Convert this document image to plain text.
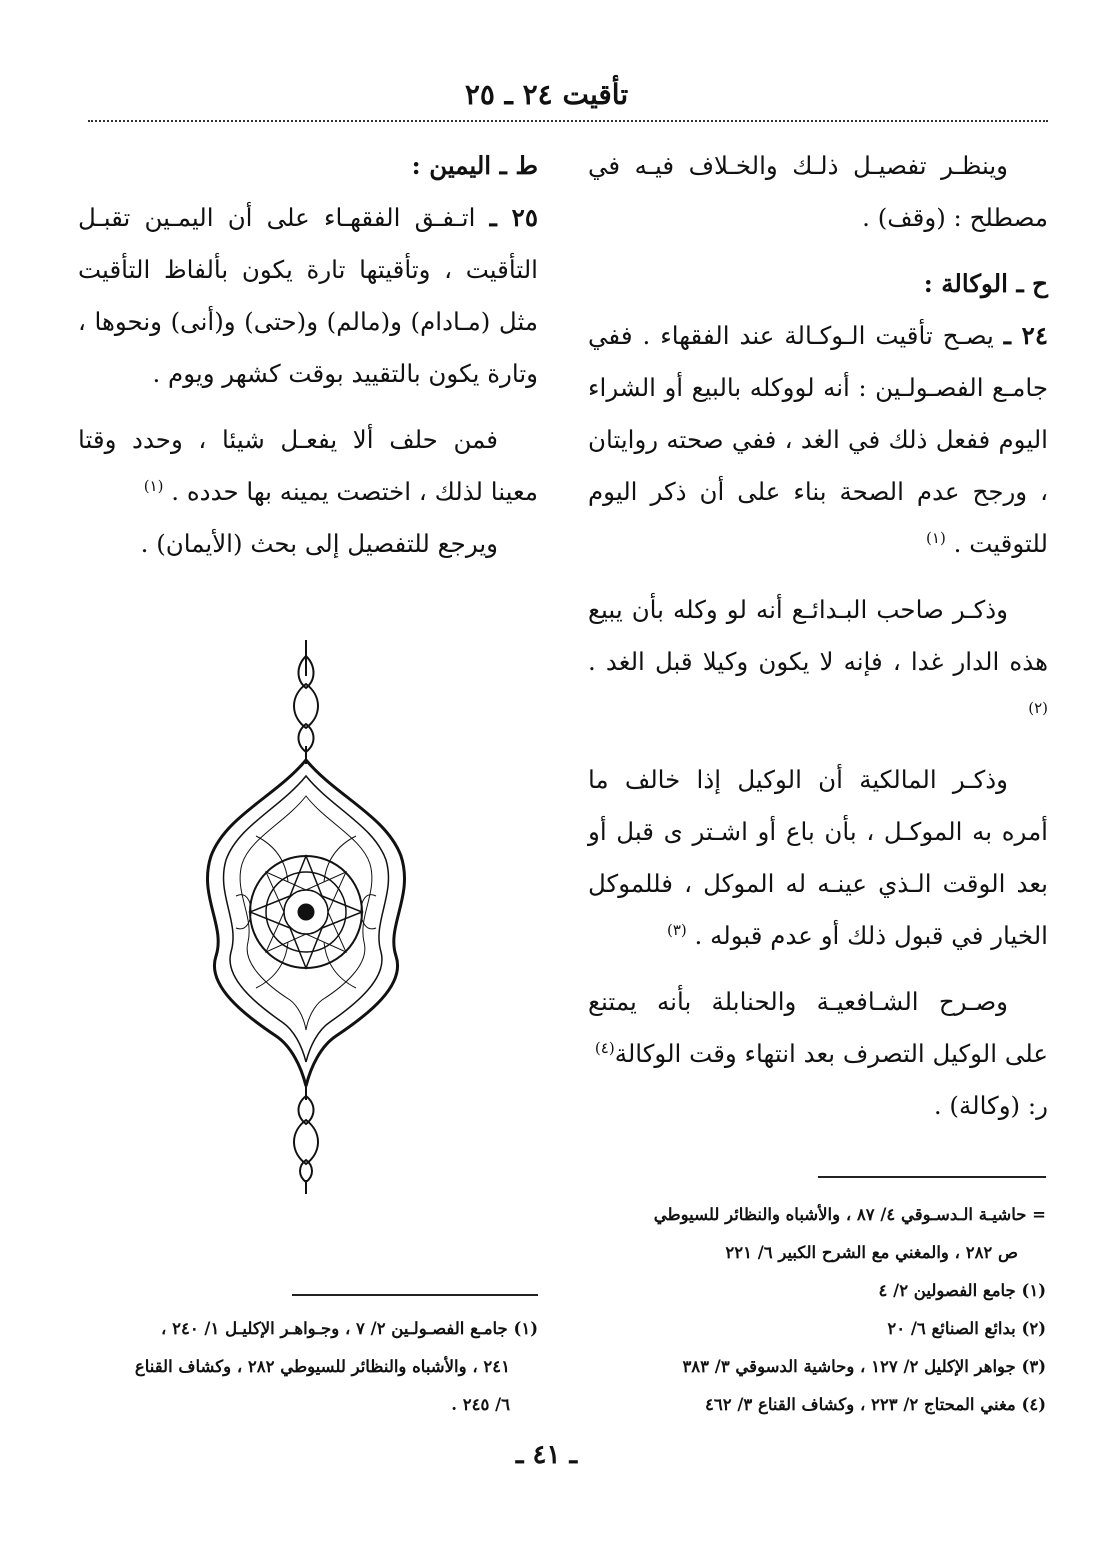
تأقيت ٢٤ ـ ٢٥

وينظـر تفصيـل ذلـك والخـلاف فيـه في مصطلح : (وقف) .

ح ـ الوكالة :

٢٤ ـ يصـح تأقيت الـوكـالة عند الفقهاء . ففي جامـع الفصـولـين : أنه لووكله بالبيع أو الشراء اليوم ففعل ذلك في الغد ، ففي صحته روايتان ، ورجح عدم الصحة بناء على أن ذكر اليوم للتوقيت . $^{(١)}$

وذكـر صاحب البـدائـع أنه لو وكله بأن يبيع هذه الدار غدا ، فإنه لا يكون وكيلا قبل الغد . $^{(٢)}$

وذكـر المالكية أن الوكيل إذا خالف ما أمره به الموكـل ، بأن باع أو اشـتر ى قبل أو بعد الوقت الـذي عينـه له الموكل ، فللموكل الخيار في قبول ذلك أو عدم قبوله . $^{(٣)}$

وصـرح الشـافعيـة والحنابلة بأنه يمتنع على الوكيل التصرف بعد انتهاء وقت الوكالة$^{(٤)}$

ر: (وكالة) .

ط ـ اليمين :

٢٥ ـ اتـفـق الفقهـاء على أن اليمـين تقبـل التأقيت ، وتأقيتها تارة يكون بألفاظ التأقيت مثل (مـادام) و(مالم) و(حتى) و(أنى) ونحوها ، وتارة يكون بالتقييد بوقت كشهر ويوم .

فمن حلف ألا يفعـل شيئا ، وحدد وقتا معينا لذلك ، اختصت يمينه بها حدده . $^{(١)}$

ويرجع للتفصيل إلى بحث (الأيمان) .

= حاشيـة الـدسـوقي ٤/ ٨٧ ، والأشباه والنظائر للسيوطي

ص ٢٨٢ ، والمغني مع الشرح الكبير ٦/ ٢٢١

(١) جامع الفصولين ٢/ ٤

(٢) بدائع الصنائع ٦/ ٢٠

(٣) جواهر الإكليل ٢/ ١٢٧ ، وحاشية الدسوقي ٣/ ٣٨٣

(٤) مغني المحتاج ٢/ ٢٢٣ ، وكشاف القناع ٣/ ٤٦٢

(١) جامـع الفصـولـين ٢/ ٧ ، وجـواهـر الإكليـل ١/ ٢٤٠ ،

٢٤١ ، والأشباه والنظائر للسيوطي ٢٨٢ ، وكشاف القناع

٦/ ٢٤٥ .

ـ ٤١ ـ
